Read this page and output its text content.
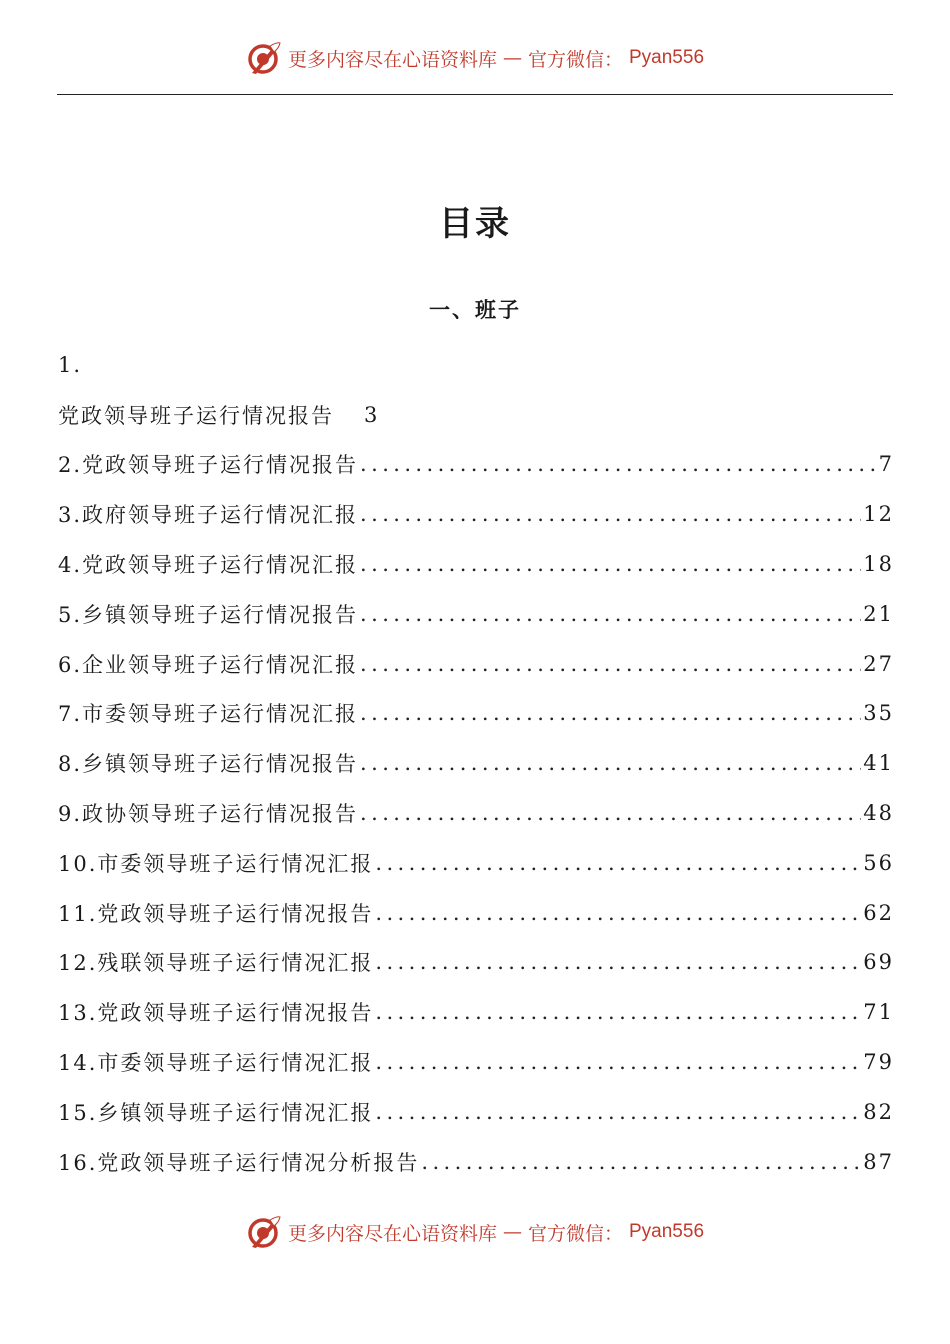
更多内容尽在心语资料库 — 官方微信： Pyan556
目录
一、班子
1.
党政领导班子运行情况报告 3
2.党政领导班子运行情况报告 .....	7
3.政府领导班子运行情况汇报 .....	12
4.党政领导班子运行情况汇报 .....	18
5.乡镇领导班子运行情况报告 .....	21
6.企业领导班子运行情况汇报 .....	27
7.市委领导班子运行情况汇报 .....	35
8.乡镇领导班子运行情况报告 .....	41
9.政协领导班子运行情况报告 .....	48
10.市委领导班子运行情况汇报 .....	56
11.党政领导班子运行情况报告 .....	62
12.残联领导班子运行情况汇报 .....	69
13.党政领导班子运行情况报告 .....	71
14.市委领导班子运行情况汇报 .....	79
15.乡镇领导班子运行情况汇报 .....	82
16.党政领导班子运行情况分析报告 .....	87
更多内容尽在心语资料库 — 官方微信： Pyan556
